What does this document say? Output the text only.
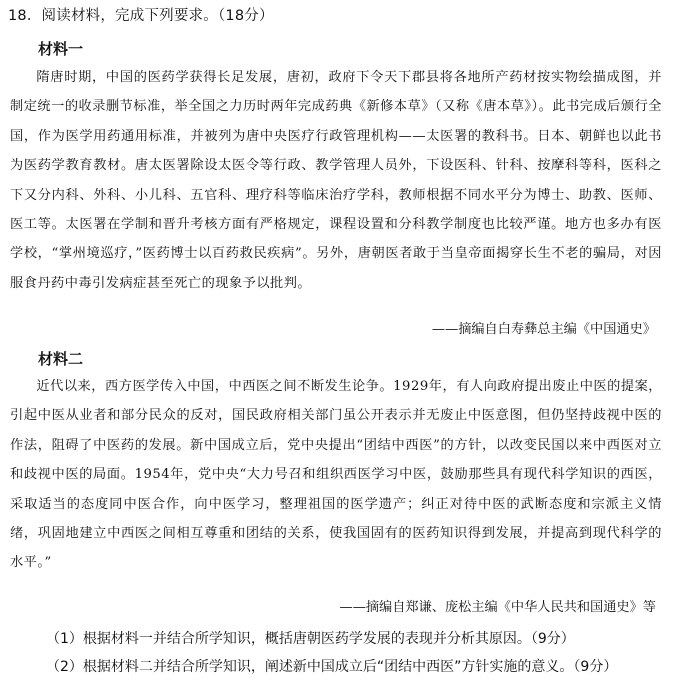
18．阅读材料，完成下列要求。（18分）
材料一
隋唐时期，中国的医药学获得长足发展，唐初，政府下令天下郡县将各地所产药材按实物绘描成图，并制定统一的收录删节标准，举全国之力历时两年完成药典《新修本草》（又称《唐本草》）。此书完成后颁行全国，作为医学用药通用标准，并被列为唐中央医疗行政管理机构——太医署的教科书。日本、朝鲜也以此书为医药学教育教材。唐太医署除设太医令等行政、教学管理人员外，下设医科、针科、按摩科等科，医科之下又分内科、外科、小儿科、五官科、理疗科等临床治疗学科，教师根据不同水平分为博士、助教、医师、医工等。太医署在学制和晋升考核方面有严格规定，课程设置和分科教学制度也比较严谨。地方也多办有医学校，“掌州境巡疗，”医药博士以百药救民疾病”。另外，唐朝医者敢于当皇帝面揭穿长生不老的骗局，对因服食丹药中毒引发病症甚至死亡的现象予以批判。
——摘编自白寿彝总主编《中国通史》
材料二
近代以来，西方医学传入中国，中西医之间不断发生论争。1929年，有人向政府提出废止中医的提案，引起中医从业者和部分民众的反对，国民政府相关部门虽公开表示并无废止中医意图，但仍坚持歧视中医的作法，阻碍了中医药的发展。新中国成立后，党中央提出“团结中西医”的方针，以改变民国以来中西医对立和歧视中医的局面。1954年，党中央“大力号召和组织西医学习中医，鼓励那些具有现代科学知识的西医，采取适当的态度同中医合作，向中医学习，整理祖国的医学遗产；纠正对待中医的武断态度和宗派主义情绪，巩固地建立中西医之间相互尊重和团结的关系，使我国固有的医药知识得到发展，并提高到现代科学的水平。”
——摘编自郑谦、庞松主编《中华人民共和国通史》等
（1）根据材料一并结合所学知识，概括唐朝医药学发展的表现并分析其原因。（9分）
（2）根据材料二并结合所学知识，阐述新中国成立后“团结中西医”方针实施的意义。（9分）
